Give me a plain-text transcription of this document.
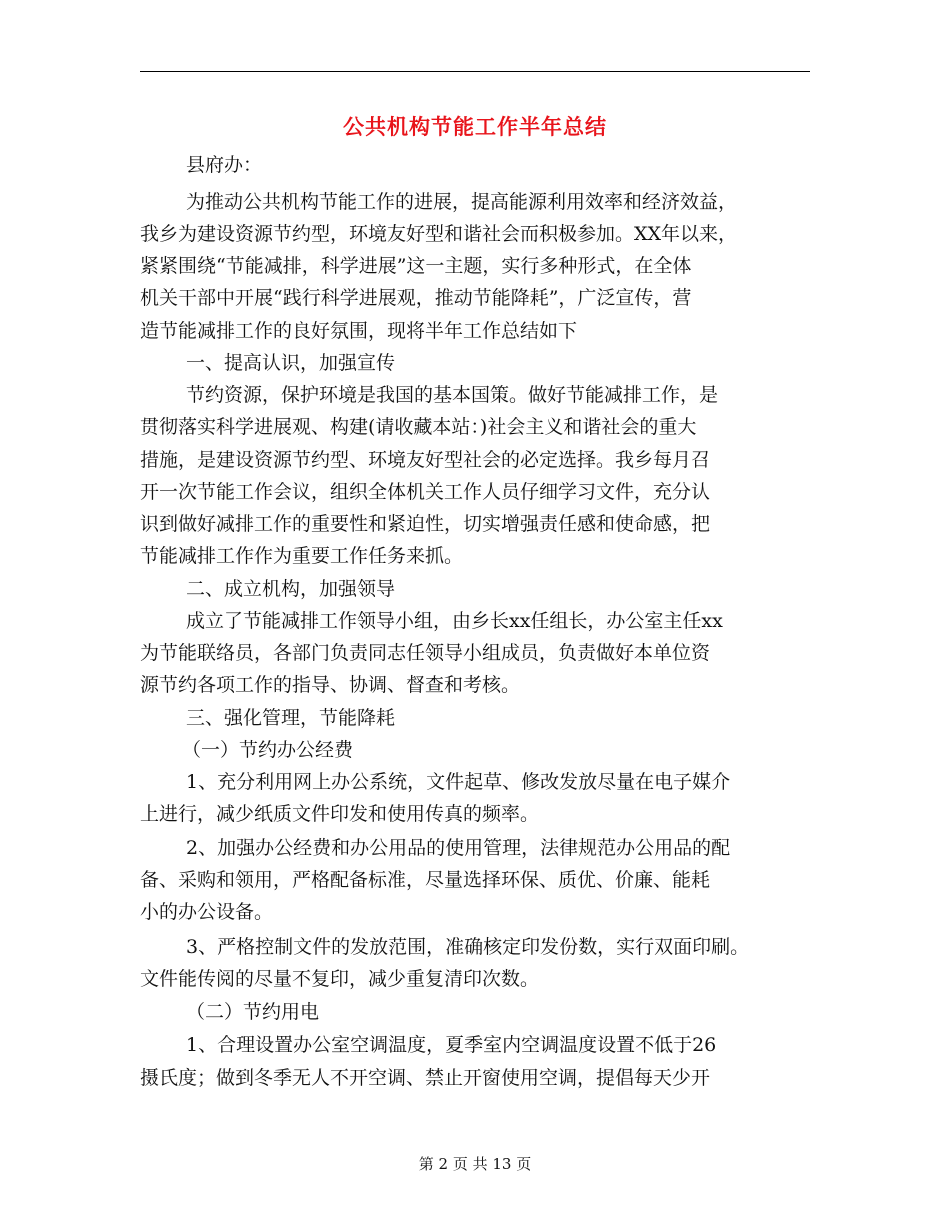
公共机构节能工作半年总结
县府办：
为推动公共机构节能工作的进展，提高能源利用效率和经济效益，
我乡为建设资源节约型，环境友好型和谐社会而积极参加。XX年以来，
紧紧围绕“节能减排，科学进展”这一主题，实行多种形式，在全体
机关干部中开展“践行科学进展观，推动节能降耗”，广泛宣传，营
造节能减排工作的良好氛围，现将半年工作总结如下
一、提高认识，加强宣传
节约资源，保护环境是我国的基本国策。做好节能减排工作，是
贯彻落实科学进展观、构建(请收藏本站：)社会主义和谐社会的重大
措施，是建设资源节约型、环境友好型社会的必定选择。我乡每月召
开一次节能工作会议，组织全体机关工作人员仔细学习文件，充分认
识到做好减排工作的重要性和紧迫性，切实增强责任感和使命感，把
节能减排工作作为重要工作任务来抓。
二、成立机构，加强领导
成立了节能减排工作领导小组，由乡长xx任组长，办公室主任xx
为节能联络员，各部门负责同志任领导小组成员，负责做好本单位资
源节约各项工作的指导、协调、督查和考核。
三、强化管理，节能降耗
（一）节约办公经费
1、充分利用网上办公系统，文件起草、修改发放尽量在电子媒介
上进行，减少纸质文件印发和使用传真的频率。
2、加强办公经费和办公用品的使用管理，法律规范办公用品的配
备、采购和领用，严格配备标准，尽量选择环保、质优、价廉、能耗
小的办公设备。
3、严格控制文件的发放范围，准确核定印发份数，实行双面印刷。
文件能传阅的尽量不复印，减少重复清印次数。
（二）节约用电
1、合理设置办公室空调温度，夏季室内空调温度设置不低于26
摄氏度；做到冬季无人不开空调、禁止开窗使用空调，提倡每天少开
第 2 页 共 13 页
